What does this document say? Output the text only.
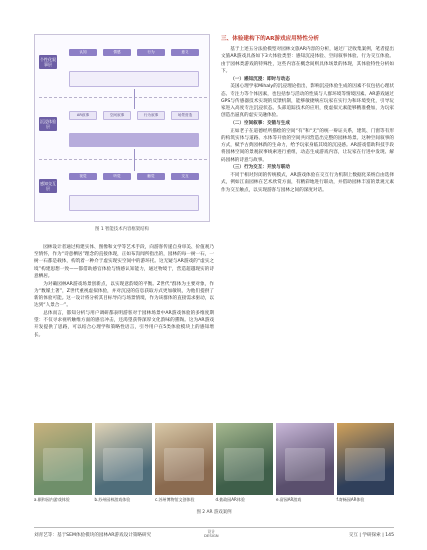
个性化叙事层
沉浸体验层
感知交互层
认知	情感	行为	意义
AR叙事	空间叙事	行为叙事	场景营造
视觉	听觉	触觉	交互
图 1 智能技术内容框架结构

园林设计者通过构建实体、图像和文学等艺术手段，向游客传递自身审美、价值观乃至情怀，作为“诗意栖居”理念的直接体现，正如布沟闻所指出的，园林的每一树一石，一树一石都是载体，构筑着一种介于虚实现实空间中的游环托。这无疑与AR游戏的“虚实之境”构建思想一致——都借助感官体验与情感认知能力，通过物境于，营造超越现实的诗意栖居。

为对确园林AR游戏场景创新点，以实现意韵境的平衡。Z世代“群体为主要对象，作为“数媒土著”，Z世代重视虚拟体验，并对沉浸的信息获取方式更加敏锐，为他们提供了新的体验可能。这一设计将分析其目标导向与场景情境，作为该群体的直接需求驱动，以达到“人景合一”。

总体而言，都知分析与用户调研都表明游客对于园林场景中AR游戏体验的多维度期望：不仅寻求视听触维方面的感官冲击，还渴望获得深厚文化韵味的熏陶。这为AR游戏开发提供了思路，可以结合心理学和策略性语言，引导用户在5类体验模块上的感知增长。

三、体验建构下的AR游戏应用特性分析

基于上述五分法验模型对园林文旅AR内容的分析，通过厂泛收集案例，笔者提出文旅AR游戏具备如下3大体验类型：感知沉浸体验、空间叙事体验、行为交互体验。由于园林类游戏的特殊性，这些内容在概念间则具体场景的体现，其体验特性分析如下。

（一）感知沉浸：即时与动态

美国心理学家Mihaly的沉浸理论指出，影响沉浸体验生成的因素不仅包括心理状态、专注力等个体因素，也包括参与活动的性质与人群环境等情境因素。AR游戏通过GPS与传感器技术实现的反馈机制，能够敏捷响应玩家在实行为和环境变化，引导玩家进入高度专注沉浸状态。头部追踪技术的应用，使虚拟元素能够精准叠加，为玩家创造出逼真的虚实交融体验。

（二）空间叙事：交错与生成

正如老子在道德经所描绘的空间“有”和“无”的统一辩证关系，建筑、门窗等有形的构筑实体与道路、水体等开放的空间共同营造出完整的园林场景。这种空间叙事的方式，赋予古典园林新的生命力，给予玩家身临其境的沉浸感。AR游戏借助科技手段将园林空间的景观叙事线索进行重组，动态生成游戏内容，让玩家在行进中发现、解码园林的诗意与故事。

（三）行为交互：开放与联动

不同于相对封闭的传统模式，AR游戏体验在交互行为机制上数据化采纳自由选择式，例如江南园林在艺术欣赏方面，有精彩地进行联动，并借助园林丰富的景观元素作为交互触点，以实现游客与园林之间的深度对话。

a.颐和园内游戏体验	b.苏州园林游戏体验	c.苏州博物馆文创体验	d.拙政园AR体验	e.留园AR游戏	f.寄畅园AR体验
图 2 AR 游戏案例
刘青艺等：基于SEM体验模块的园林AR游戏设计策略研究
设计
DESIGN	交互 | 学研探索 | 145
